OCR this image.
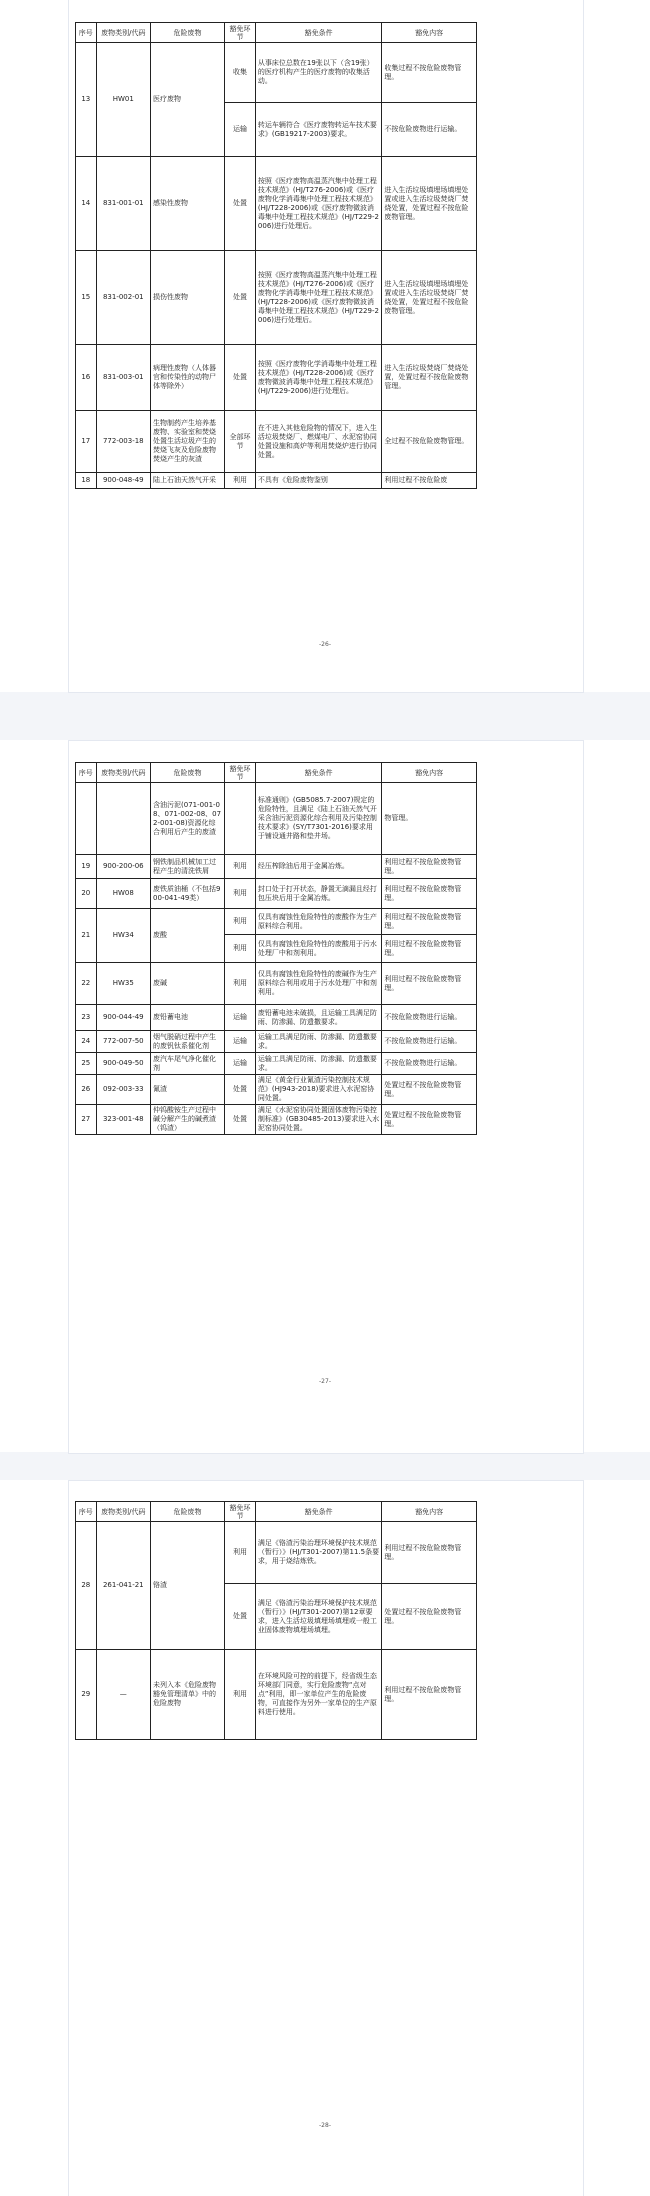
序号	废物类别/代码	危险废物	豁免环节	豁免条件	豁免内容
13	HW01	医疗废物	收集	从事床位总数在19张以下（含19张）的医疗机构产生的医疗废物的收集活动。	收集过程不按危险废物管理。
			运输	转运车辆符合《医疗废物转运车技术要求》(GB19217-2003)要求。	不按危险废物进行运输。
14	831-001-01	感染性废物	处置	按照《医疗废物高温蒸汽集中处理工程技术规范》(HJ/T276-2006)或《医疗废物化学消毒集中处理工程技术规范》(HJ/T228-2006)或《医疗废物微波消毒集中处理工程技术规范》(HJ/T229-2006)进行处理后。	进入生活垃圾填埋场填埋处置或进入生活垃圾焚烧厂焚烧处置，处置过程不按危险废物管理。
15	831-002-01	损伤性废物	处置	按照《医疗废物高温蒸汽集中处理工程技术规范》(HJ/T276-2006)或《医疗废物化学消毒集中处理工程技术规范》(HJ/T228-2006)或《医疗废物微波消毒集中处理工程技术规范》(HJ/T229-2006)进行处理后。	进入生活垃圾填埋场填埋处置或进入生活垃圾焚烧厂焚烧处置，处置过程不按危险废物管理。
16	831-003-01	病理性废物（人体器官和传染性的动物尸体等除外）	处置	按照《医疗废物化学消毒集中处理工程技术规范》(HJ/T228-2006)或《医疗废物微波消毒集中处理工程技术规范》(HJ/T229-2006)进行处理后。	进入生活垃圾焚烧厂焚烧处置，处置过程不按危险废物管理。
17	772-003-18	生物制药产生培养基废物、实验室和焚烧处置生活垃圾产生的焚烧飞灰及危险废物焚烧产生的灰渣	全部环节	在不进入其他危险物的情况下，进入生活垃圾焚烧厂、燃煤电厂、水泥窑协同处置设施和高炉等利用焚烧炉进行协同处置。	全过程不按危险废物管理。
18	900-048-49	陆上石油天然气开采	利用	不具有《危险废物鉴别	利用过程不按危险废
-26-
序号	废物类别/代码	危险废物	豁免环节	豁免条件	豁免内容
		含油污泥(071-001-08、071-002-08、072-001-08)资源化综合利用后产生的废渣		标准通则》(GB5085.7-2007)规定的危险特性，且满足《陆上石油天然气开采含油污泥资源化综合利用及污染控制技术要求》(SY/T7301-2016)要求用于铺设通井路和垫井场。	物管理。
19	900-200-06	钢铁制品机械加工过程产生的清洗铁屑	利用	经压榨除油后用于金属冶炼。	利用过程不按危险废物管理。
20	HW08	废铁质油桶（不包括900-041-49类）	利用	封口处于打开状态，静置无滴漏且经打包压块后用于金属冶炼。	利用过程不按危险废物管理。
21	HW34	废酸	利用	仅具有腐蚀性危险特性的废酸作为生产原料综合利用。	利用过程不按危险废物管理。
			利用	仅具有腐蚀性危险特性的废酸用于污水处理厂中和剂利用。	利用过程不按危险废物管理。
22	HW35	废碱	利用	仅具有腐蚀性危险特性的废碱作为生产原料综合利用或用于污水处理厂中和剂利用。	利用过程不按危险废物管理。
23	900-044-49	废铅蓄电池	运输	废铅蓄电池未破损，且运输工具满足防雨、防渗漏、防遗撒要求。	不按危险废物进行运输。
24	772-007-50	烟气脱硝过程中产生的废钒钛系催化剂	运输	运输工具满足防雨、防渗漏、防遗撒要求。	不按危险废物进行运输。
25	900-049-50	废汽车尾气净化催化剂	运输	运输工具满足防雨、防渗漏、防遗撒要求。	不按危险废物进行运输。
26	092-003-33	氰渣	处置	满足《黄金行业氰渣污染控制技术规范》(HJ943-2018)要求进入水泥窑协同处置。	处置过程不按危险废物管理。
27	323-001-48	仲钨酸铵生产过程中碱分解产生的碱煮渣（钨渣）	处置	满足《水泥窑协同处置固体废物污染控制标准》(GB30485-2013)要求进入水泥窑协同处置。	处置过程不按危险废物管理。
-27-
序号	废物类别/代码	危险废物	豁免环节	豁免条件	豁免内容
28	261-041-21	铬渣	利用	满足《铬渣污染治理环境保护技术规范（暂行）》(HJ/T301-2007)第11.5条要求，用于烧结炼铁。	利用过程不按危险废物管理。
			处置	满足《铬渣污染治理环境保护技术规范（暂行）》(HJ/T301-2007)第12章要求，进入生活垃圾填埋场填埋或一般工业固体废物填埋场填埋。	处置过程不按危险废物管理。
29	—	未列入本《危险废物豁免管理清单》中的危险废物	利用	在环境风险可控的前提下，经省级生态环境部门同意，实行危险废物“点对点”利用，即一家单位产生的危险废物，可直接作为另外一家单位的生产原料进行使用。	利用过程不按危险废物管理。
-28-
